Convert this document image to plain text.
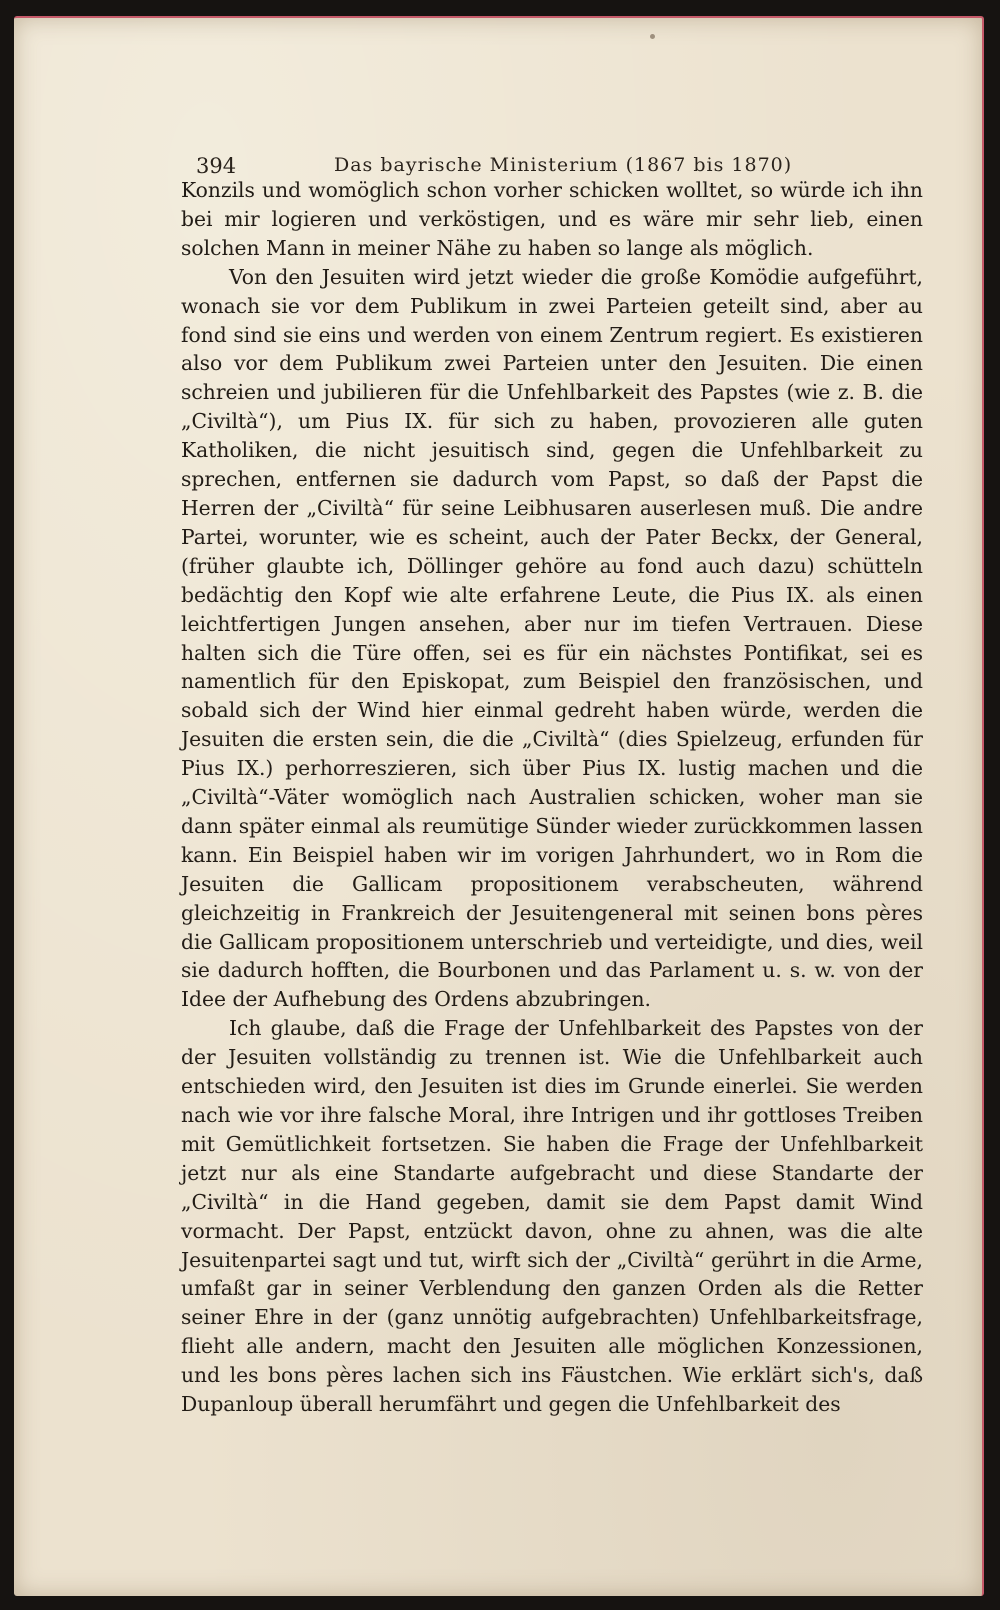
394	Das bayrische Ministerium (1867 bis 1870)

Konzils und womöglich schon vorher schicken wolltet, so würde ich ihn bei mir logieren und verköstigen, und es wäre mir sehr lieb, einen solchen Mann in meiner Nähe zu haben so lange als möglich.

Von den Jesuiten wird jetzt wieder die große Komödie aufgeführt, wonach sie vor dem Publikum in zwei Parteien geteilt sind, aber au fond sind sie eins und werden von einem Zentrum regiert. Es existieren also vor dem Publikum zwei Parteien unter den Jesuiten. Die einen schreien und jubilieren für die Unfehlbarkeit des Papstes (wie z. B. die „Civiltà“), um Pius IX. für sich zu haben, provozieren alle guten Katholiken, die nicht jesuitisch sind, gegen die Unfehlbarkeit zu sprechen, entfernen sie dadurch vom Papst, so daß der Papst die Herren der „Civiltà“ für seine Leibhusaren auserlesen muß. Die andre Partei, worunter, wie es scheint, auch der Pater Beckx, der General, (früher glaubte ich, Döllinger gehöre au fond auch dazu) schütteln bedächtig den Kopf wie alte erfahrene Leute, die Pius IX. als einen leichtfertigen Jungen ansehen, aber nur im tiefen Vertrauen. Diese halten sich die Türe offen, sei es für ein nächstes Pontifikat, sei es namentlich für den Episkopat, zum Beispiel den französischen, und sobald sich der Wind hier einmal gedreht haben würde, werden die Jesuiten die ersten sein, die die „Civiltà“ (dies Spielzeug, erfunden für Pius IX.) perhorreszieren, sich über Pius IX. lustig machen und die „Civiltà“-Väter womöglich nach Australien schicken, woher man sie dann später einmal als reumütige Sünder wieder zurückkommen lassen kann. Ein Beispiel haben wir im vorigen Jahrhundert, wo in Rom die Jesuiten die Gallicam propositionem verabscheuten, während gleichzeitig in Frankreich der Jesuitengeneral mit seinen bons pères die Gallicam propositionem unterschrieb und verteidigte, und dies, weil sie dadurch hofften, die Bourbonen und das Parlament u. s. w. von der Idee der Aufhebung des Ordens abzubringen.

Ich glaube, daß die Frage der Unfehlbarkeit des Papstes von der der Jesuiten vollständig zu trennen ist. Wie die Unfehlbarkeit auch entschieden wird, den Jesuiten ist dies im Grunde einerlei. Sie werden nach wie vor ihre falsche Moral, ihre Intrigen und ihr gottloses Treiben mit Gemütlichkeit fortsetzen. Sie haben die Frage der Unfehlbarkeit jetzt nur als eine Standarte aufgebracht und diese Standarte der „Civiltà“ in die Hand gegeben, damit sie dem Papst damit Wind vormacht. Der Papst, entzückt davon, ohne zu ahnen, was die alte Jesuitenpartei sagt und tut, wirft sich der „Civiltà“ gerührt in die Arme, umfaßt gar in seiner Verblendung den ganzen Orden als die Retter seiner Ehre in der (ganz unnötig aufgebrachten) Unfehlbarkeitsfrage, flieht alle andern, macht den Jesuiten alle möglichen Konzessionen, und les bons pères lachen sich ins Fäustchen. Wie erklärt sich's, daß Dupanloup überall herumfährt und gegen die Unfehlbarkeit des
